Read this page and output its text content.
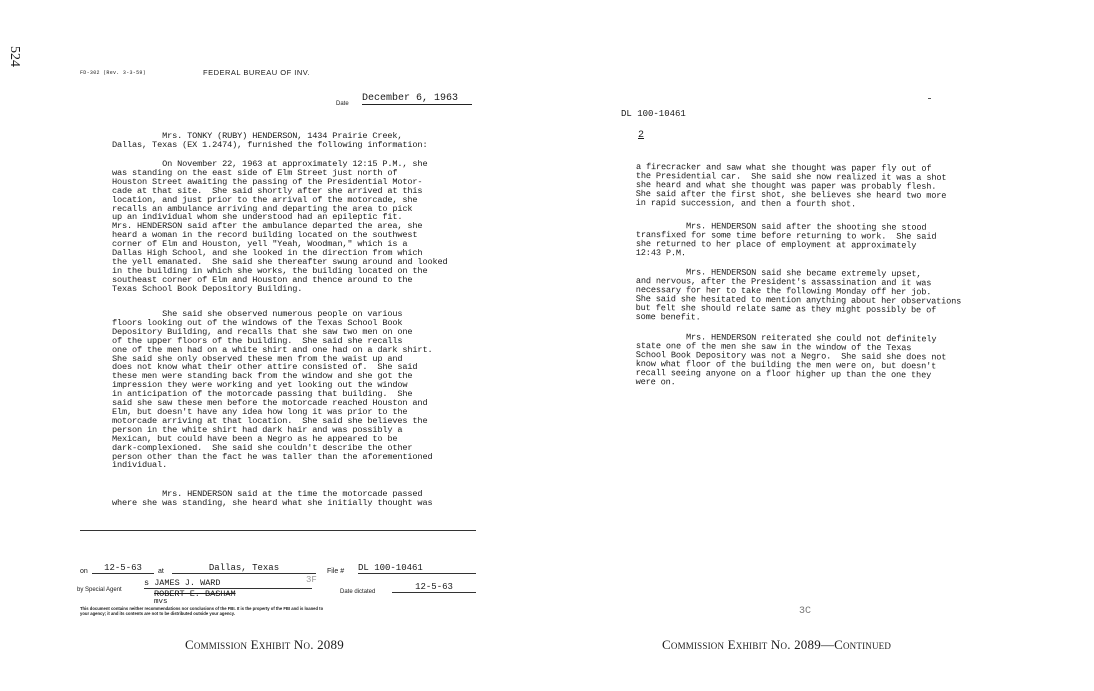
524
FD-302 (Rev. 3-3-59)	FEDERAL BUREAU OF INV.
Date December 6, 1963
Mrs. TONKY (RUBY) HENDERSON, 1434 Prairie Creek,
Dallas, Texas (EX 1.2474), furnished the following information:
On November 22, 1963 at approximately 12:15 P.M., she
was standing on the east side of Elm Street just north of
Houston Street awaiting the passing of the Presidential Motor-
cade at that site.  She said shortly after she arrived at this
location, and just prior to the arrival of the motorcade, she
recalls an ambulance arriving and departing the area to pick
up an individual whom she understood had an epileptic fit.
Mrs. HENDERSON said after the ambulance departed the area, she
heard a woman in the record building located on the southwest
corner of Elm and Houston, yell "Yeah, Woodman," which is a
Dallas High School, and she looked in the direction from which
the yell emanated.  She said she thereafter swung around and looked
in the building in which she works, the building located on the
southeast corner of Elm and Houston and thence around to the
Texas School Book Depository Building.
She said she observed numerous people on various
floors looking out of the windows of the Texas School Book
Depository Building, and recalls that she saw two men on one
of the upper floors of the building.  She said she recalls
one of the men had on a white shirt and one had on a dark shirt.
She said she only observed these men from the waist up and
does not know what their other attire consisted of.  She said
these men were standing back from the window and she got the
impression they were working and yet looking out the window
in anticipation of the motorcade passing that building.  She
said she saw these men before the motorcade reached Houston and
Elm, but doesn't have any idea how long it was prior to the
motorcade arriving at that location.  She said she believes the
person in the white shirt had dark hair and was possibly a
Mexican, but could have been a Negro as he appeared to be
dark-complexioned.  She said she couldn't describe the other
person other than the fact he was taller than the aforementioned
individual.
Mrs. HENDERSON said at the time the motorcade passed
where she was standing, she heard what she initially thought was
on	12-5-63	at	Dallas, Texas	File # DL 100-10461
by Special Agent
s JAMES J. WARD
ROBERT E. BASHAM
mvs
3F
Date dictated	12-5-63
This document contains neither recommendations nor conclusions of the FBI. It is the property of the FBI and is loaned to
your agency; it and its contents are not to be distributed outside your agency.
Commission Exhibit No. 2089
DL 100-10461
2
a firecracker and saw what she thought was paper fly out of
the Presidential car.  She said she now realized it was a shot
she heard and what she thought was paper was probably flesh.
She said after the first shot, she believes she heard two more
in rapid succession, and then a fourth shot.
Mrs. HENDERSON said after the shooting she stood
transfixed for some time before returning to work.  She said
she returned to her place of employment at approximately
12:43 P.M.
Mrs. HENDERSON said she became extremely upset,
and nervous, after the President's assassination and it was
necessary for her to take the following Monday off her job.
She said she hesitated to mention anything about her observations
but felt she should relate same as they might possibly be of
some benefit.
Mrs. HENDERSON reiterated she could not definitely
state one of the men she saw in the window of the Texas
School Book Depository was not a Negro.  She said she does not
know what floor of the building the men were on, but doesn't
recall seeing anyone on a floor higher up than the one they
were on.
3C
Commission Exhibit No. 2089—Continued
